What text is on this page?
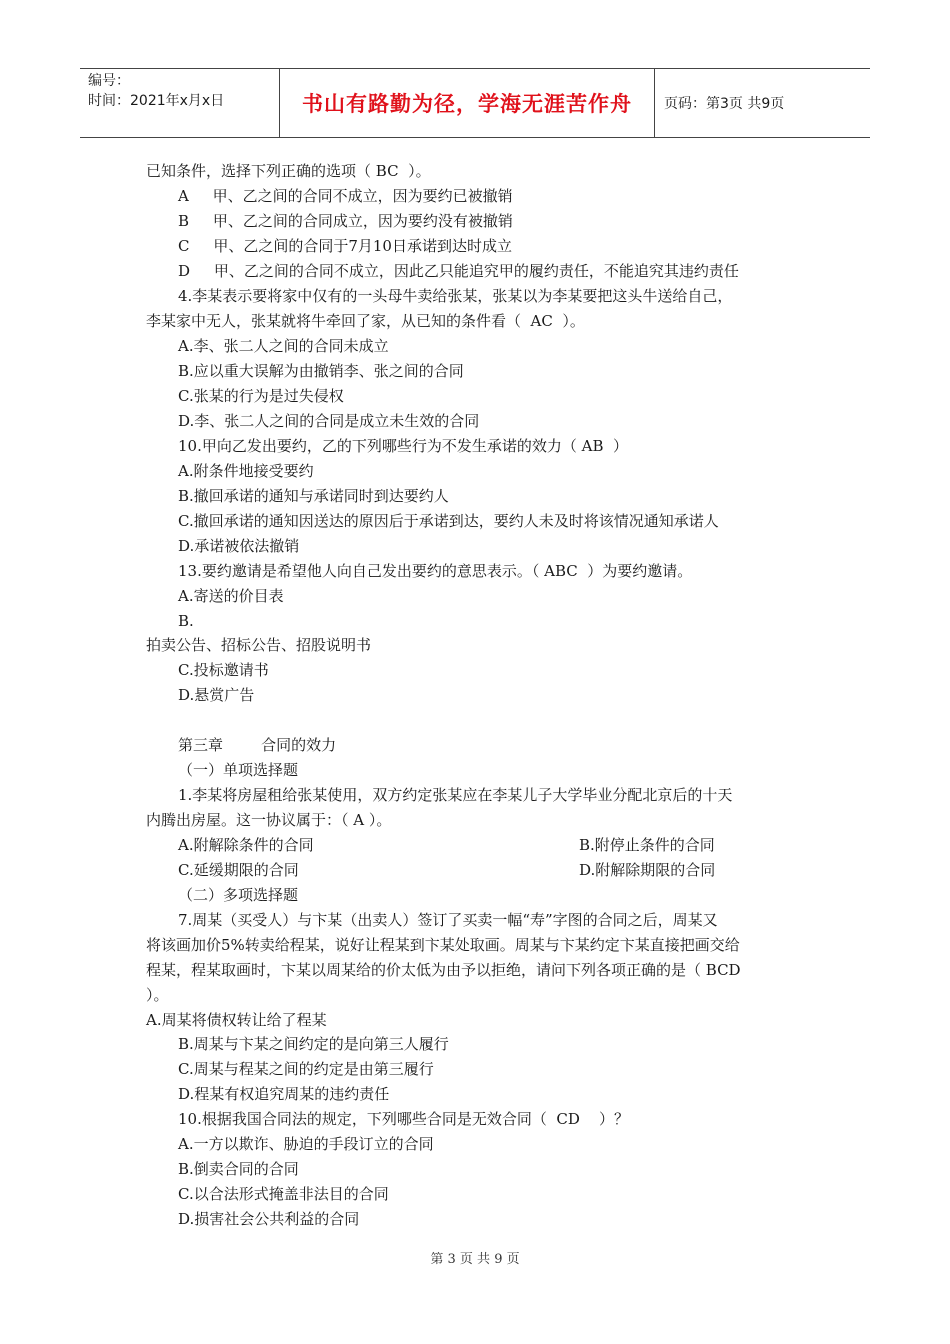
编号：
时间：2021年x月x日	书山有路勤为径，学海无涯苦作舟	页码：第3页 共9页
已知条件，选择下列正确的选项（ BC  ）。
A     甲、乙之间的合同不成立，因为要约已被撤销
B     甲、乙之间的合同成立，因为要约没有被撤销
C     甲、乙之间的合同于7月10日承诺到达时成立
D     甲、乙之间的合同不成立，因此乙只能追究甲的履约责任，不能追究其违约责任
4.李某表示要将家中仅有的一头母牛卖给张某，张某以为李某要把这头牛送给自己，
李某家中无人，张某就将牛牵回了家，从已知的条件看（  AC  ）。
A.李、张二人之间的合同未成立
B.应以重大误解为由撤销李、张之间的合同
C.张某的行为是过失侵权
D.李、张二人之间的合同是成立未生效的合同
10.甲向乙发出要约，乙的下列哪些行为不发生承诺的效力（ AB  ）
A.附条件地接受要约
B.撤回承诺的通知与承诺同时到达要约人
C.撤回承诺的通知因送达的原因后于承诺到达，要约人未及时将该情况通知承诺人
D.承诺被依法撤销
13.要约邀请是希望他人向自己发出要约的意思表示。（ ABC  ）为要约邀请。
A.寄送的价目表
B.
拍卖公告、招标公告、招股说明书
C.投标邀请书
D.悬赏广告
第三章        合同的效力
（一）单项选择题
1.李某将房屋租给张某使用，双方约定张某应在李某儿子大学毕业分配北京后的十天
内腾出房屋。这一协议属于：（ A ）。
A.附解除条件的合同	B.附停止条件的合同
C.延缓期限的合同	D.附解除期限的合同
（二）多项选择题
7.周某（买受人）与卞某（出卖人）签订了买卖一幅“寿”字图的合同之后，周某又
将该画加价5%转卖给程某，说好让程某到卞某处取画。周某与卞某约定卞某直接把画交给
程某，程某取画时，卞某以周某给的价太低为由予以拒绝，请问下列各项正确的是（ BCD
）。
A.周某将债权转让给了程某
B.周某与卞某之间约定的是向第三人履行
C.周某与程某之间的约定是由第三履行
D.程某有权追究周某的违约责任
10.根据我国合同法的规定，下列哪些合同是无效合同（  CD    ）？
A.一方以欺诈、胁迫的手段订立的合同
B.倒卖合同的合同
C.以合法形式掩盖非法目的合同
D.损害社会公共利益的合同
第 3 页 共 9 页
